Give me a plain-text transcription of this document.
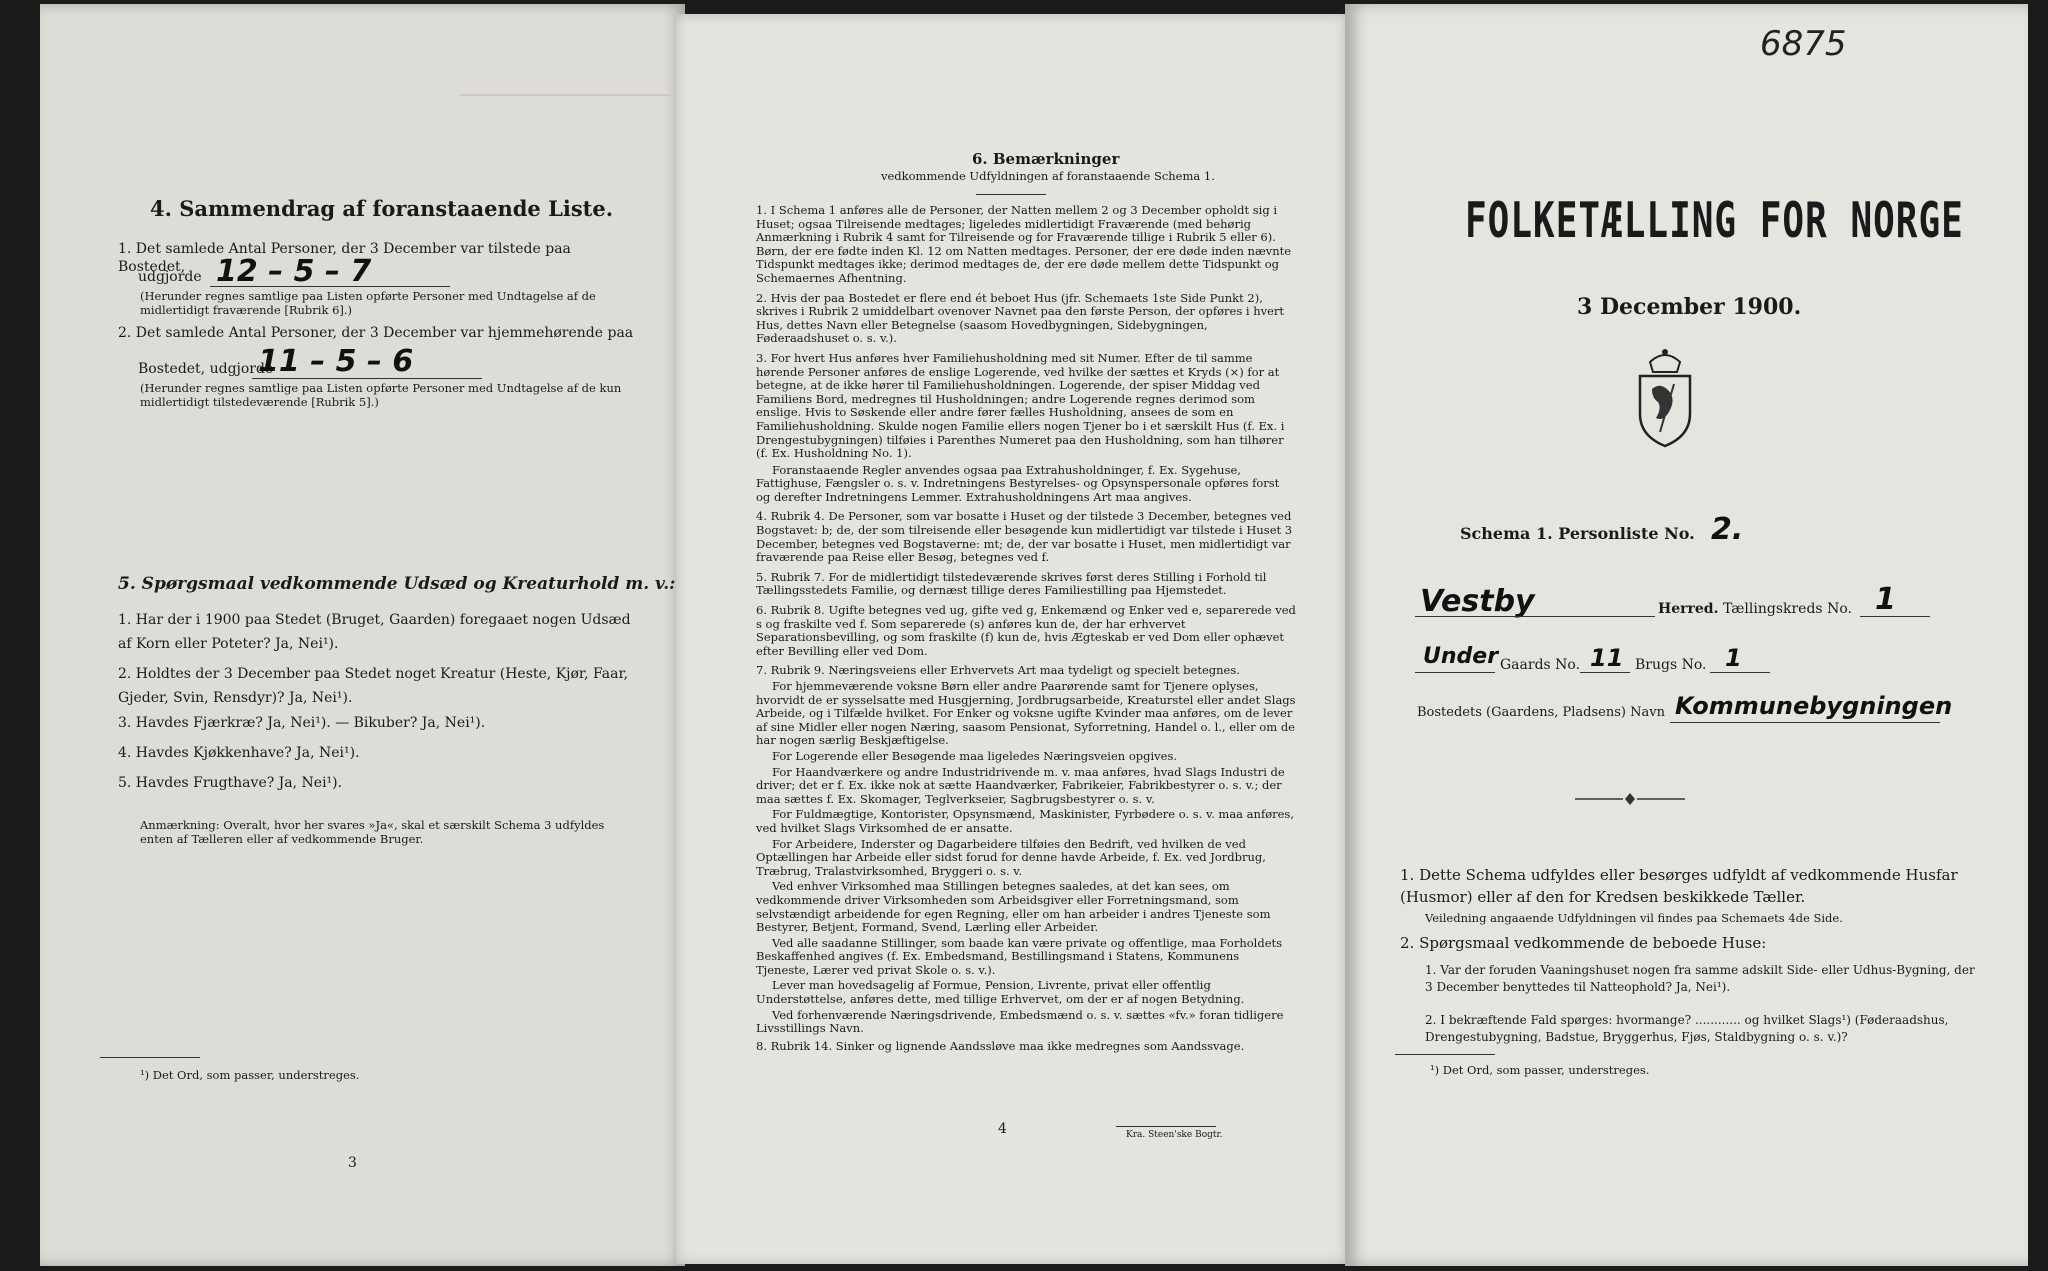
4. Sammendrag af foranstaaende Liste.
1. Det samlede Antal Personer, der 3 December var tilstede paa Bostedet,
udgjorde 12 – 5 – 7
(Herunder regnes samtlige paa Listen opførte Personer med Undtagelse af de midlertidigt fraværende [Rubrik 6].)
2. Det samlede Antal Personer, der 3 December var hjemmehørende paa
Bostedet, udgjorde
11 – 5 – 6
(Herunder regnes samtlige paa Listen opførte Personer med Undtagelse af de kun midlertidigt tilstedeværende [Rubrik 5].)
5. Spørgsmaal vedkommende Udsæd og Kreaturhold m. v.:
1. Har der i 1900 paa Stedet (Bruget, Gaarden) foregaaet nogen Udsæd af Korn eller Poteter? Ja, Nei¹).
2. Holdtes der 3 December paa Stedet noget Kreatur (Heste, Kjør, Faar, Gjeder, Svin, Rensdyr)? Ja, Nei¹).
3. Havdes Fjærkræ? Ja, Nei¹). — Bikuber? Ja, Nei¹).
4. Havdes Kjøkkenhave? Ja, Nei¹).
5. Havdes Frugthave? Ja, Nei¹).
Anmærkning: Overalt, hvor her svares »Ja«, skal et særskilt Schema 3 udfyldes enten af Tælleren eller af vedkommende Bruger.
¹) Det Ord, som passer, understreges.
3
6. Bemærkninger
vedkommende Udfyldningen af foranstaaende Schema 1.
1. I Schema 1 anføres alle de Personer, der Natten mellem 2 og 3 December opholdt sig i Huset; ogsaa Tilreisende medtages; ligeledes midlertidigt Fraværende (med behørig Anmærkning i Rubrik 4 samt for Tilreisende og for Fraværende tillige i Rubrik 5 eller 6). Børn, der ere fødte inden Kl. 12 om Natten medtages. Personer, der ere døde inden nævnte Tidspunkt medtages ikke; derimod medtages de, der ere døde mellem dette Tidspunkt og Schemaernes Afhentning.
2. Hvis der paa Bostedet er flere end ét beboet Hus (jfr. Schemaets 1ste Side Punkt 2), skrives i Rubrik 2 umiddelbart ovenover Navnet paa den første Person, der opføres i hvert Hus, dettes Navn eller Betegnelse (saasom Hovedbygningen, Sidebygningen, Føderaadshuset o. s. v.).
3. For hvert Hus anføres hver Familiehusholdning med sit Numer. Efter de til samme hørende Personer anføres de enslige Logerende, ved hvilke der sættes et Kryds (×) for at betegne, at de ikke hører til Familiehusholdningen. Logerende, der spiser Middag ved Familiens Bord, medregnes til Husholdningen; andre Logerende regnes derimod som enslige. Hvis to Søskende eller andre fører fælles Husholdning, ansees de som en Familiehusholdning. Skulde nogen Familie ellers nogen Tjener bo i et særskilt Hus (f. Ex. i Drengestubygningen) tilføies i Parenthes Numeret paa den Husholdning, som han tilhører (f. Ex. Husholdning No. 1).
Foranstaaende Regler anvendes ogsaa paa Extrahusholdninger, f. Ex. Sygehuse, Fattighuse, Fængsler o. s. v. Indretningens Bestyrelses- og Opsynspersonale opføres forst og derefter Indretningens Lemmer. Extrahusholdningens Art maa angives.
4. Rubrik 4. De Personer, som var bosatte i Huset og der tilstede 3 December, betegnes ved Bogstavet: b; de, der som tilreisende eller besøgende kun midlertidigt var tilstede i Huset 3 December, betegnes ved Bogstaverne: mt; de, der var bosatte i Huset, men midlertidigt var fraværende paa Reise eller Besøg, betegnes ved f.
5. Rubrik 7. For de midlertidigt tilstedeværende skrives først deres Stilling i Forhold til Tællingsstedets Familie, og dernæst tillige deres Familiestilling paa Hjemstedet.
6. Rubrik 8. Ugifte betegnes ved ug, gifte ved g, Enkemænd og Enker ved e, separerede ved s og fraskilte ved f. Som separerede (s) anføres kun de, der har erhvervet Separationsbevilling, og som fraskilte (f) kun de, hvis Ægteskab er ved Dom eller ophævet efter Bevilling eller ved Dom.
7. Rubrik 9. Næringsveiens eller Erhvervets Art maa tydeligt og specielt betegnes.
For hjemmeværende voksne Børn eller andre Paarørende samt for Tjenere oplyses, hvorvidt de er sysselsatte med Husgjerning, Jordbrugsarbeide, Kreaturstel eller andet Slags Arbeide, og i Tilfælde hvilket. For Enker og voksne ugifte Kvinder maa anføres, om de lever af sine Midler eller nogen Næring, saasom Pensionat, Syforretning, Handel o. l., eller om de har nogen særlig Beskjæftigelse.
For Logerende eller Besøgende maa ligeledes Næringsveien opgives.
For Haandværkere og andre Industridrivende m. v. maa anføres, hvad Slags Industri de driver; det er f. Ex. ikke nok at sætte Haandværker, Fabrikeier, Fabrikbestyrer o. s. v.; der maa sættes f. Ex. Skomager, Teglverkseier, Sagbrugsbestyrer o. s. v.
For Fuldmægtige, Kontorister, Opsynsmænd, Maskinister, Fyrbødere o. s. v. maa anføres, ved hvilket Slags Virksomhed de er ansatte.
For Arbeidere, Inderster og Dagarbeidere tilføies den Bedrift, ved hvilken de ved Optællingen har Arbeide eller sidst forud for denne havde Arbeide, f. Ex. ved Jordbrug, Træbrug, Tralastvirksomhed, Bryggeri o. s. v.
Ved enhver Virksomhed maa Stillingen betegnes saaledes, at det kan sees, om vedkommende driver Virksomheden som Arbeidsgiver eller Forretningsmand, som selvstændigt arbeidende for egen Regning, eller om han arbeider i andres Tjeneste som Bestyrer, Betjent, Formand, Svend, Lærling eller Arbeider.
Ved alle saadanne Stillinger, som baade kan være private og offentlige, maa Forholdets Beskaffenhed angives (f. Ex. Embedsmand, Bestillingsmand i Statens, Kommunens Tjeneste, Lærer ved privat Skole o. s. v.).
Lever man hovedsagelig af Formue, Pension, Livrente, privat eller offentlig Understøttelse, anføres dette, med tillige Erhvervet, om der er af nogen Betydning.
Ved forhenværende Næringsdrivende, Embedsmænd o. s. v. sættes «fv.» foran tidligere Livsstillings Navn.
8. Rubrik 14. Sinker og lignende Aandssløve maa ikke medregnes som Aandssvage.
4	Kra. Steen'ske Bogtr.
6875
FOLKETÆLLING FOR NORGE
3 December 1900.
Schema 1. Personliste No. 2.
Vestby	Herred. Tællingskreds No. 1
Under Gaards No. 11 Brugs No. 1
Bostedets (Gaardens, Pladsens) Navn Kommunebygningen
1. Dette Schema udfyldes eller besørges udfyldt af vedkommende Husfar (Husmor) eller af den for Kredsen beskikkede Tæller.
Veiledning angaaende Udfyldningen vil findes paa Schemaets 4de Side.
2. Spørgsmaal vedkommende de beboede Huse:
1. Var der foruden Vaaningshuset nogen fra samme adskilt Side- eller Udhus-Bygning, der 3 December benyttedes til Natteophold? Ja, Nei¹).
2. I bekræftende Fald spørges: hvormange? ............ og hvilket Slags¹) (Føderaadshus, Drengestubygning, Badstue, Bryggerhus, Fjøs, Staldbygning o. s. v.)?
¹) Det Ord, som passer, understreges.
